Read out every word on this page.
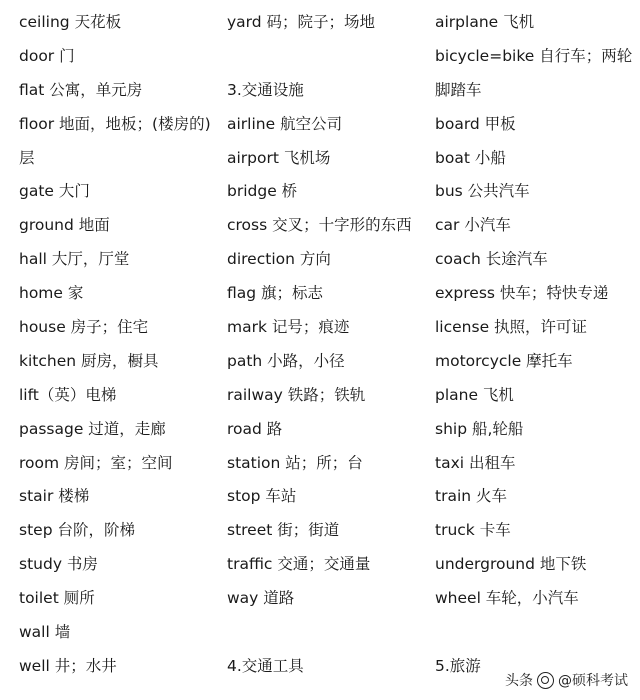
ceiling 天花板
door 门
flat 公寓，单元房
floor 地面，地板；(楼房的)
层
gate 大门
ground 地面
hall 大厅，厅堂
home 家
house 房子；住宅
kitchen 厨房，橱具
lift（英）电梯
passage 过道，走廊
room 房间；室；空间
stair 楼梯
step 台阶，阶梯
study 书房
toilet 厕所
wall 墙
well 井；水井
yard 码；院子；场地
3.交通设施
airline 航空公司
airport 飞机场
bridge 桥
cross 交叉；十字形的东西
direction 方向
flag 旗；标志
mark 记号；痕迹
path 小路，小径
railway 铁路；铁轨
road 路
station 站；所；台
stop 车站
street 街；街道
traffic 交通；交通量
way 道路
4.交通工具
airplane 飞机
bicycle=bike 自行车；两轮
脚踏车
board 甲板
boat 小船
bus 公共汽车
car 小汽车
coach 长途汽车
express 快车；特快专递
license 执照，许可证
motorcycle 摩托车
plane 飞机
ship 船,轮船
taxi 出租车
train 火车
truck 卡车
underground 地下铁
wheel 车轮，小汽车
5.旅游
头条 @硕科考试
